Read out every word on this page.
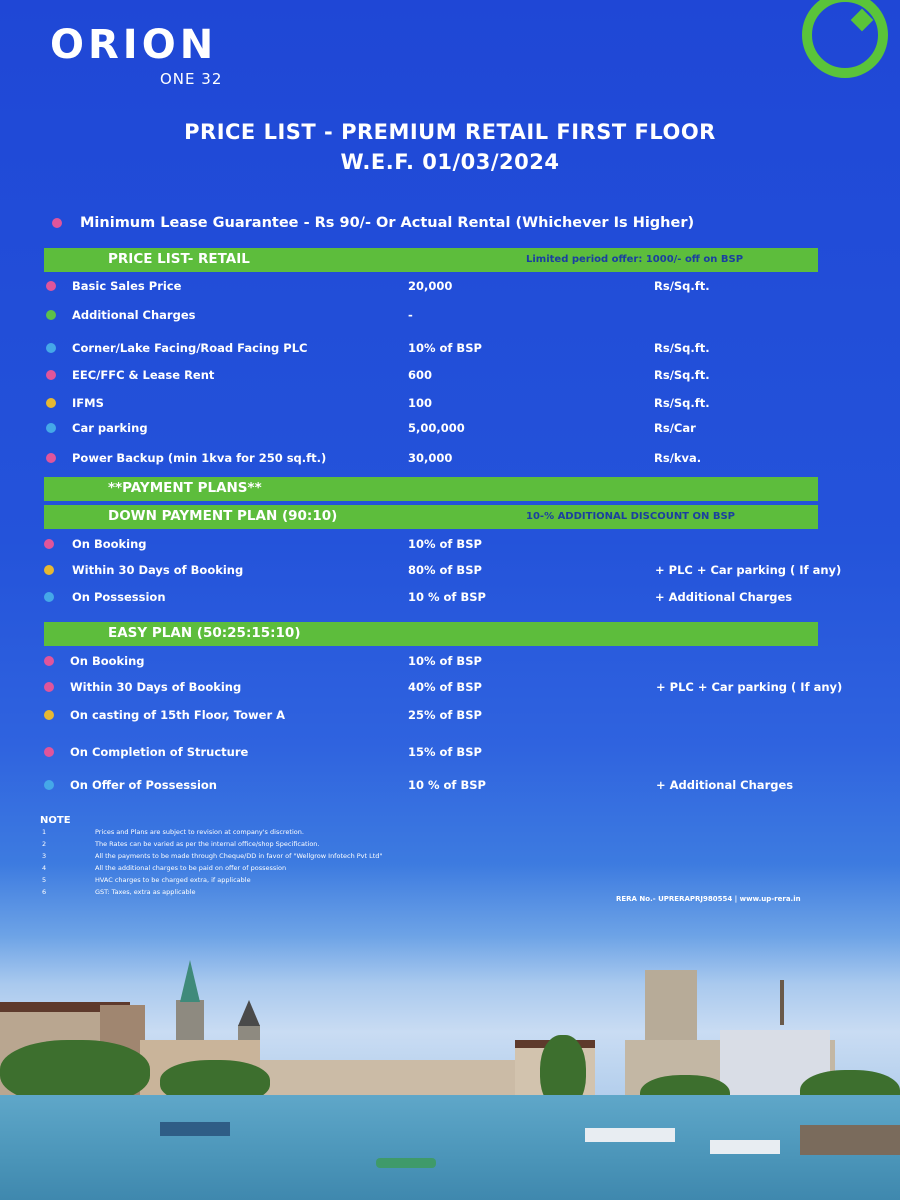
ORION
ONE 32
PRICE LIST - PREMIUM RETAIL FIRST FLOOR
W.E.F. 01/03/2024
Minimum Lease Guarantee - Rs 90/- Or Actual Rental (Whichever Is Higher)
PRICE LIST- RETAIL	Limited period offer: 1000/- off on BSP
**PAYMENT PLANS**
DOWN PAYMENT PLAN (90:10)	10-% ADDITIONAL DISCOUNT ON BSP
EASY PLAN (50:25:15:10)
NOTE
RERA No.- UPRERAPRJ980554 | www.up-rera.in
Basic Sales Price	20,000	Rs/Sq.ft.
Additional Charges	-
Corner/Lake Facing/Road Facing PLC	10% of BSP	Rs/Sq.ft.
EEC/FFC & Lease Rent	600	Rs/Sq.ft.
IFMS	100	Rs/Sq.ft.
Car parking	5,00,000	Rs/Car
Power Backup (min 1kva for 250 sq.ft.)	30,000	Rs/kva.
On Booking	10% of BSP
Within 30 Days of Booking	80% of BSP	+ PLC + Car parking ( If any)
On Possession	10 % of BSP	+ Additional Charges
On Booking	10% of BSP
Within 30 Days of Booking	40% of BSP	+ PLC + Car parking ( If any)
On casting of 15th Floor, Tower A	25% of BSP
On Completion of Structure	15% of BSP
On Offer of Possession	10 % of BSP	+ Additional Charges
1	Prices and Plans are subject to revision at company's discretion.
2	The Rates can be varied as per the internal office/shop Specification.
3	All the payments to be made through Cheque/DD in favor of "Wellgrow Infotech Pvt Ltd"
4	All the additional charges to be paid on offer of possession
5	HVAC charges to be charged extra, if applicable
6	GST: Taxes, extra as applicable
